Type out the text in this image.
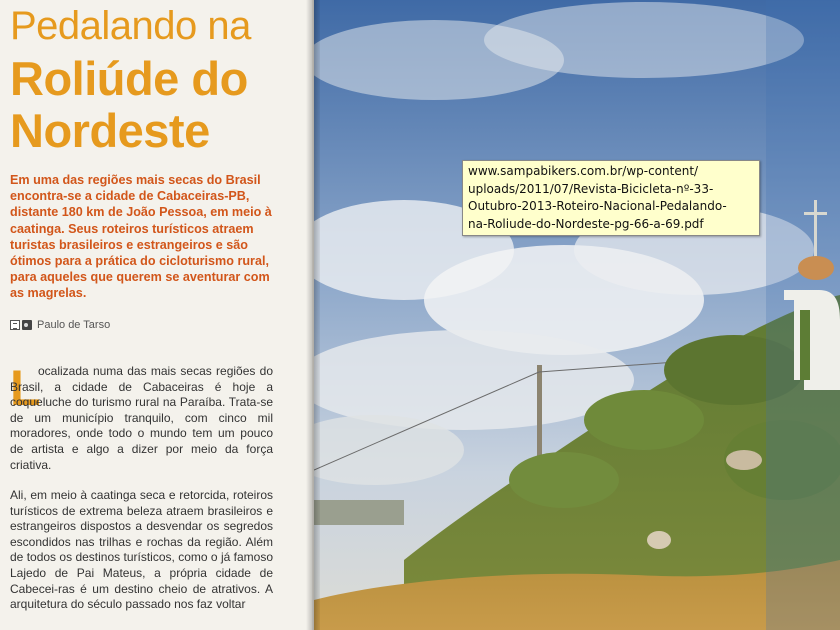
Pedalando na
Roliúde do
Nordeste

Em uma das regiões mais secas do Brasil encontra-se a cidade de Cabaceiras-PB, distante 180 km de João Pessoa, em meio à caatinga. Seus roteiros turísticos atraem turistas brasileiros e estrangeiros e são ótimos para a prática do cicloturismo rural, para aqueles que querem se aventurar com as magrelas.

Paulo de Tarso
L

ocalizada numa das mais secas regiões do Brasil, a cidade de Cabaceiras é hoje a coqueluche do turismo rural na Paraíba. Trata-se de um município tranquilo, com cinco mil moradores, onde todo o mundo tem um pouco de artista e algo a dizer por meio da força criativa.

Ali, em meio à caatinga seca e retorcida, roteiros turísticos de extrema beleza atraem brasileiros e estrangeiros dispostos a desvendar os segredos escondidos nas trilhas e rochas da região. Além de todos os destinos turísticos, como o já famoso Lajedo de Pai Mateus, a própria cidade de Cabecei-ras é um destino cheio de atrativos. A arquitetura do século passado nos faz voltar

www.sampabikers.com.br/wp-content/
uploads/2011/07/Revista-Bicicleta-nº-33-
Outubro-2013-Roteiro-Nacional-Pedalando-
na-Roliude-do-Nordeste-pg-66-a-69.pdf
